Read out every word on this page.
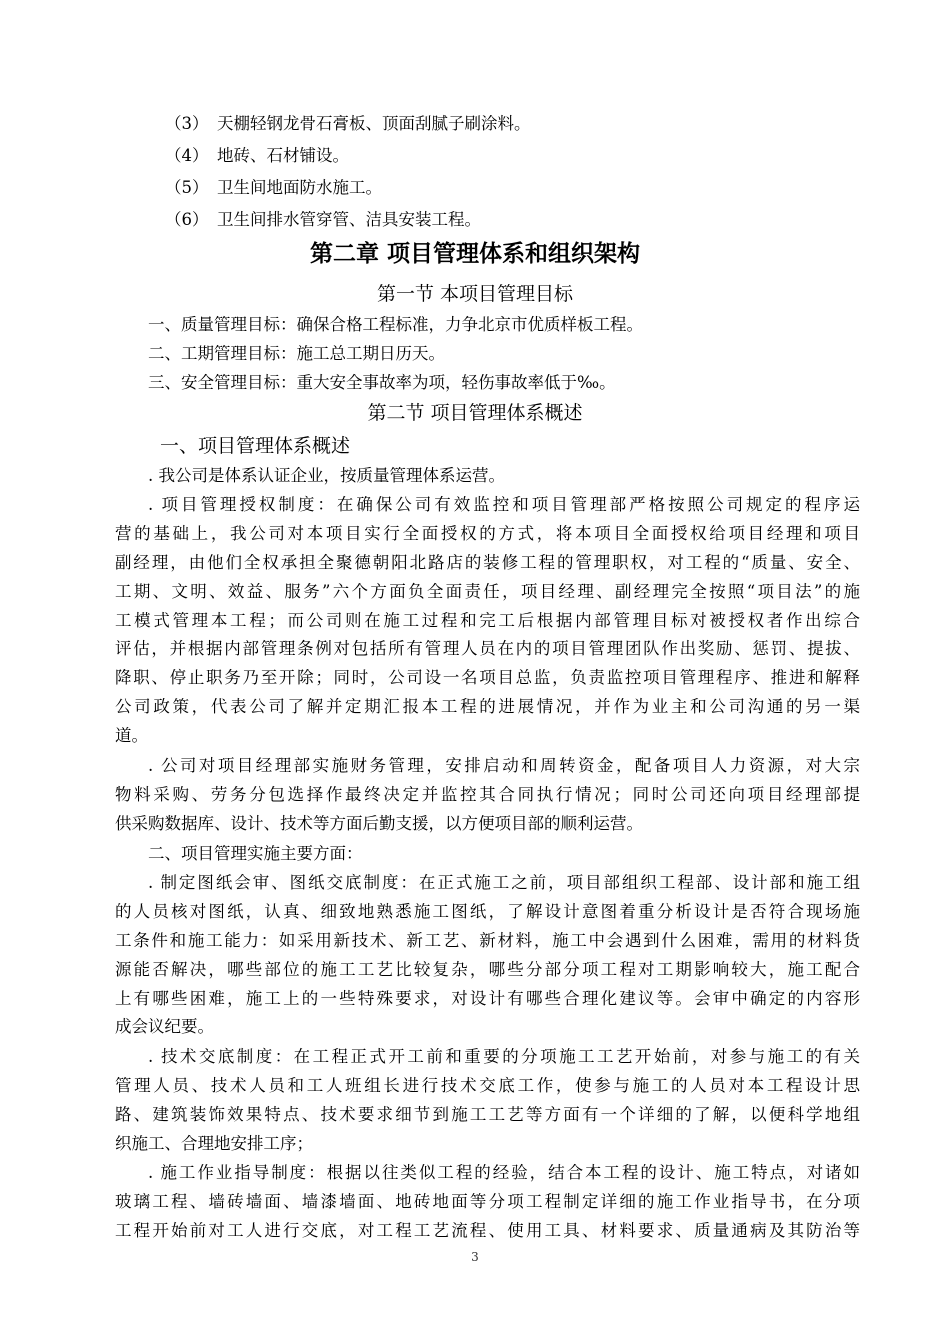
（3） 天棚轻钢龙骨石膏板、顶面刮腻子刷涂料。
（4） 地砖、石材铺设。
（5） 卫生间地面防水施工。
（6） 卫生间排水管穿管、洁具安装工程。
第二章 项目管理体系和组织架构
第一节 本项目管理目标
一、质量管理目标：确保合格工程标准，力争北京市优质样板工程。
二、工期管理目标：施工总工期日历天。
三、安全管理目标：重大安全事故率为项，轻伤事故率低于‰。
第二节 项目管理体系概述
一、项目管理体系概述
. 我公司是体系认证企业，按质量管理体系运营。
. 项目管理授权制度：在确保公司有效监控和项目管理部严格按照公司规定的程序运
营的基础上，我公司对本项目实行全面授权的方式，将本项目全面授权给项目经理和项目
副经理，由他们全权承担全聚德朝阳北路店的装修工程的管理职权，对工程的“质量、安全、
工期、文明、效益、服务”六个方面负全面责任，项目经理、副经理完全按照“项目法”的施
工模式管理本工程；而公司则在施工过程和完工后根据内部管理目标对被授权者作出综合
评估，并根据内部管理条例对包括所有管理人员在内的项目管理团队作出奖励、惩罚、提拔、
降职、停止职务乃至开除；同时，公司设一名项目总监，负责监控项目管理程序、推进和解释
公司政策，代表公司了解并定期汇报本工程的进展情况，并作为业主和公司沟通的另一渠
道。
. 公司对项目经理部实施财务管理，安排启动和周转资金，配备项目人力资源，对大宗
物料采购、劳务分包选择作最终决定并监控其合同执行情况；同时公司还向项目经理部提
供采购数据库、设计、技术等方面后勤支援，以方便项目部的顺利运营。
二、项目管理实施主要方面：
. 制定图纸会审、图纸交底制度：在正式施工之前，项目部组织工程部、设计部和施工组
的人员核对图纸，认真、细致地熟悉施工图纸，了解设计意图着重分析设计是否符合现场施
工条件和施工能力：如采用新技术、新工艺、新材料，施工中会遇到什么困难，需用的材料货
源能否解决，哪些部位的施工工艺比较复杂，哪些分部分项工程对工期影响较大，施工配合
上有哪些困难，施工上的一些特殊要求，对设计有哪些合理化建议等。会审中确定的内容形
成会议纪要。
. 技术交底制度：在工程正式开工前和重要的分项施工工艺开始前，对参与施工的有关
管理人员、技术人员和工人班组长进行技术交底工作，使参与施工的人员对本工程设计思
路、建筑装饰效果特点、技术要求细节到施工工艺等方面有一个详细的了解，以便科学地组
织施工、合理地安排工序；
. 施工作业指导制度：根据以往类似工程的经验，结合本工程的设计、施工特点，对诸如
玻璃工程、墙砖墙面、墙漆墙面、地砖地面等分项工程制定详细的施工作业指导书，在分项
工程开始前对工人进行交底，对工程工艺流程、使用工具、材料要求、质量通病及其防治等
3
